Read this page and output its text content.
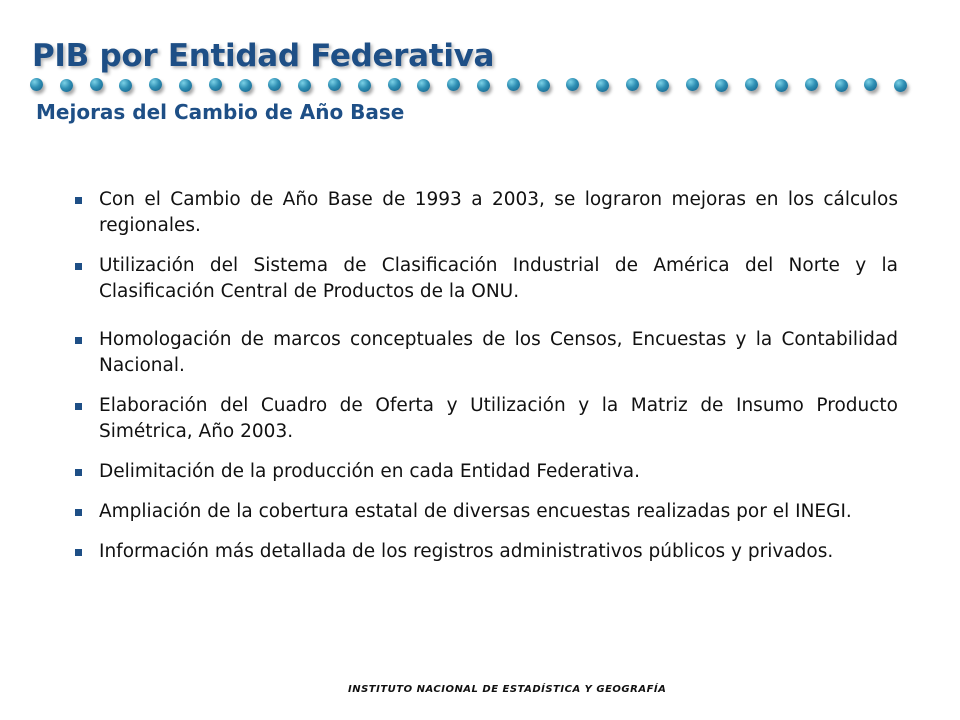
PIB por Entidad Federativa
Mejoras del Cambio de Año Base
Con el Cambio de Año Base de 1993 a 2003, se lograron mejoras en los cálculos regionales.
Utilización del Sistema de Clasificación Industrial de América del Norte y la Clasificación Central de Productos de la ONU.
Homologación de marcos conceptuales de los Censos, Encuestas y la Contabilidad Nacional.
Elaboración del Cuadro de Oferta y Utilización y la Matriz de Insumo Producto Simétrica, Año 2003.
Delimitación de la producción en cada Entidad Federativa.
Ampliación de la cobertura estatal de diversas encuestas realizadas por el INEGI.
Información más detallada de los registros administrativos públicos y privados.

INSTITUTO NACIONAL DE ESTADÍSTICA Y GEOGRAFÍA
